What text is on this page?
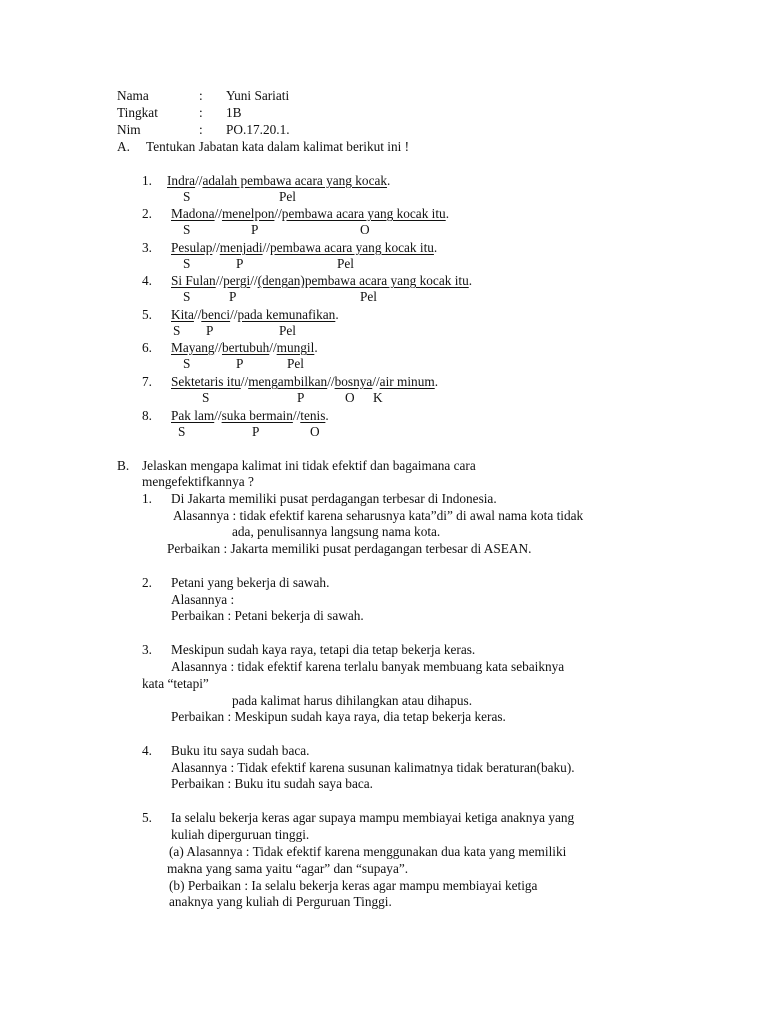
Nama	: Yuni Sariati
Tingkat	: 1B
Nim	: PO.17.20.1.
A. Tentukan Jabatan kata dalam kalimat berikut ini !
1. Indra//adalah pembawa acara yang kocak.
S	Pel
2. Madona//menelpon//pembawa acara yang kocak itu.
S	P	O
3. Pesulap//menjadi//pembawa acara yang kocak itu.
S	P	Pel
4. Si Fulan//pergi//(dengan)pembawa acara yang kocak itu.
S	P	Pel
5. Kita//benci//pada kemunafikan.
S P	Pel
6. Mayang//bertubuh//mungil.
S	P	Pel
7. Sektetaris itu//mengambilkan//bosnya//air minum.
S	P	O K
8. Pak lam//suka bermain//tenis.
S	P	O
B. Jelaskan mengapa kalimat ini tidak efektif dan bagaimana cara
mengefektifkannya ?
1. Di Jakarta memiliki pusat perdagangan terbesar di Indonesia.
Alasannya : tidak efektif karena seharusnya kata”di” di awal nama kota tidak
ada, penulisannya langsung nama kota.
Perbaikan : Jakarta memiliki pusat perdagangan terbesar di ASEAN.
2. Petani yang bekerja di sawah.
Alasannya :
Perbaikan : Petani bekerja di sawah.
3. Meskipun sudah kaya raya, tetapi dia tetap bekerja keras.
Alasannya : tidak efektif karena terlalu banyak membuang kata sebaiknya
kata “tetapi”
pada kalimat harus dihilangkan atau dihapus.
Perbaikan : Meskipun sudah kaya raya, dia tetap bekerja keras.
4. Buku itu saya sudah baca.
Alasannya : Tidak efektif karena susunan kalimatnya tidak beraturan(baku).
Perbaikan : Buku itu sudah saya baca.
5. Ia selalu bekerja keras agar supaya mampu membiayai ketiga anaknya yang
kuliah diperguruan tinggi.
(a) Alasannya : Tidak efektif karena menggunakan dua kata yang memiliki
makna yang sama yaitu “agar” dan “supaya”.
(b) Perbaikan : Ia selalu bekerja keras agar mampu membiayai ketiga
anaknya yang kuliah di Perguruan Tinggi.
